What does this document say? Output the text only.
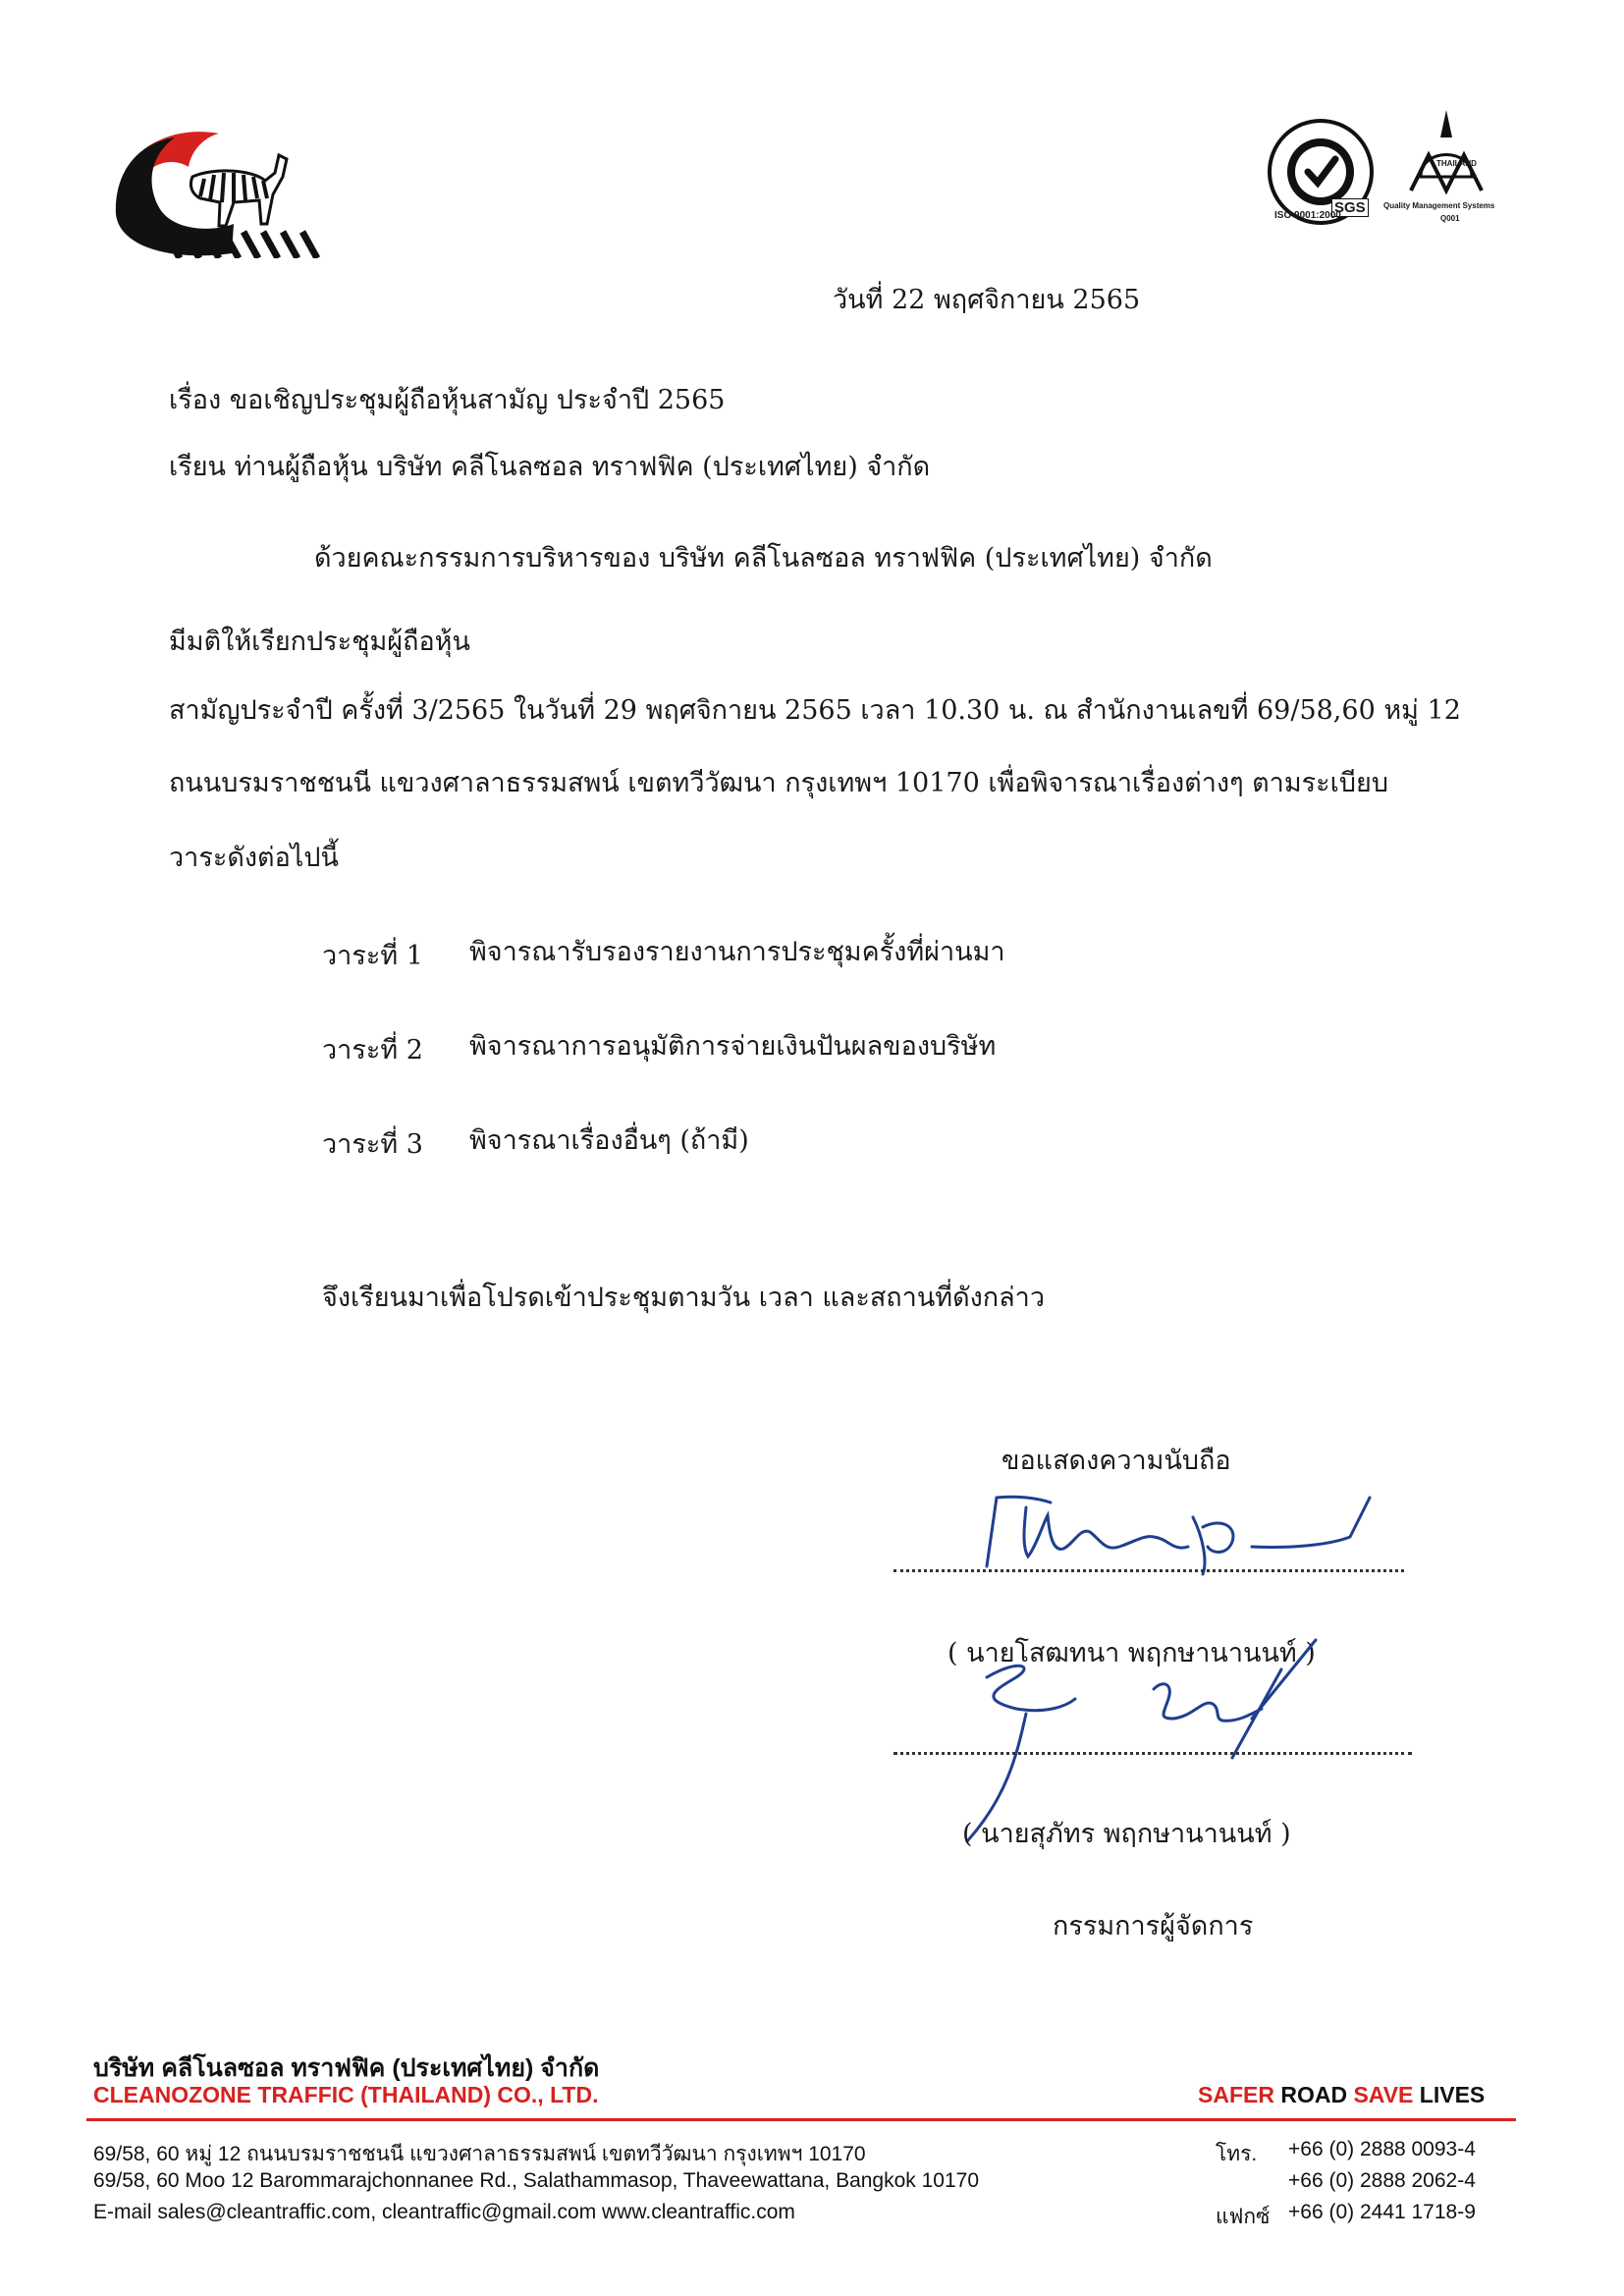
SGS
ISO 9001:2000
THAILAND
Quality Management Systems
Q001
วันที่ 22 พฤศจิกายน 2565
เรื่อง ขอเชิญประชุมผู้ถือหุ้นสามัญ ประจำปี 2565
เรียน ท่านผู้ถือหุ้น บริษัท คลีโนลซอล ทราฟฟิค (ประเทศไทย) จำกัด
ด้วยคณะกรรมการบริหารของ บริษัท คลีโนลซอล ทราฟฟิค (ประเทศไทย) จำกัด
มีมติให้เรียกประชุมผู้ถือหุ้น
สามัญประจำปี ครั้งที่ 3/2565 ในวันที่ 29 พฤศจิกายน 2565 เวลา 10.30 น. ณ สำนักงานเลขที่ 69/58,60 หมู่ 12
ถนนบรมราชชนนี แขวงศาลาธรรมสพน์ เขตทวีวัฒนา กรุงเทพฯ 10170 เพื่อพิจารณาเรื่องต่างๆ ตามระเบียบ
วาระดังต่อไปนี้
วาระที่ 1 พิจารณารับรองรายงานการประชุมครั้งที่ผ่านมา
วาระที่ 2 พิจารณาการอนุมัติการจ่ายเงินปันผลของบริษัท
วาระที่ 3 พิจารณาเรื่องอื่นๆ (ถ้ามี)
จึงเรียนมาเพื่อโปรดเข้าประชุมตามวัน เวลา และสถานที่ดังกล่าว
ขอแสดงความนับถือ
( นายโสฒทนา พฤกษานานนท์ )
( นายสุภัทร พฤกษานานนท์ )
กรรมการผู้จัดการ
บริษัท คลีโนลซอล ทราฟฟิค (ประเทศไทย) จำกัด
CLEANOZONE TRAFFIC (THAILAND) CO., LTD.	SAFER ROAD SAVE LIVES
69/58, 60 หมู่ 12 ถนนบรมราชชนนี แขวงศาลาธรรมสพน์ เขตทวีวัฒนา กรุงเทพฯ 10170
69/58, 60 Moo 12 Barommarajchonnanee Rd., Salathammasop, Thaveewattana, Bangkok 10170
E-mail sales@cleantraffic.com, cleantraffic@gmail.com www.cleantraffic.com
โทร. +66 (0) 2888 0093-4
+66 (0) 2888 2062-4
แฟกซ์ +66 (0) 2441 1718-9
